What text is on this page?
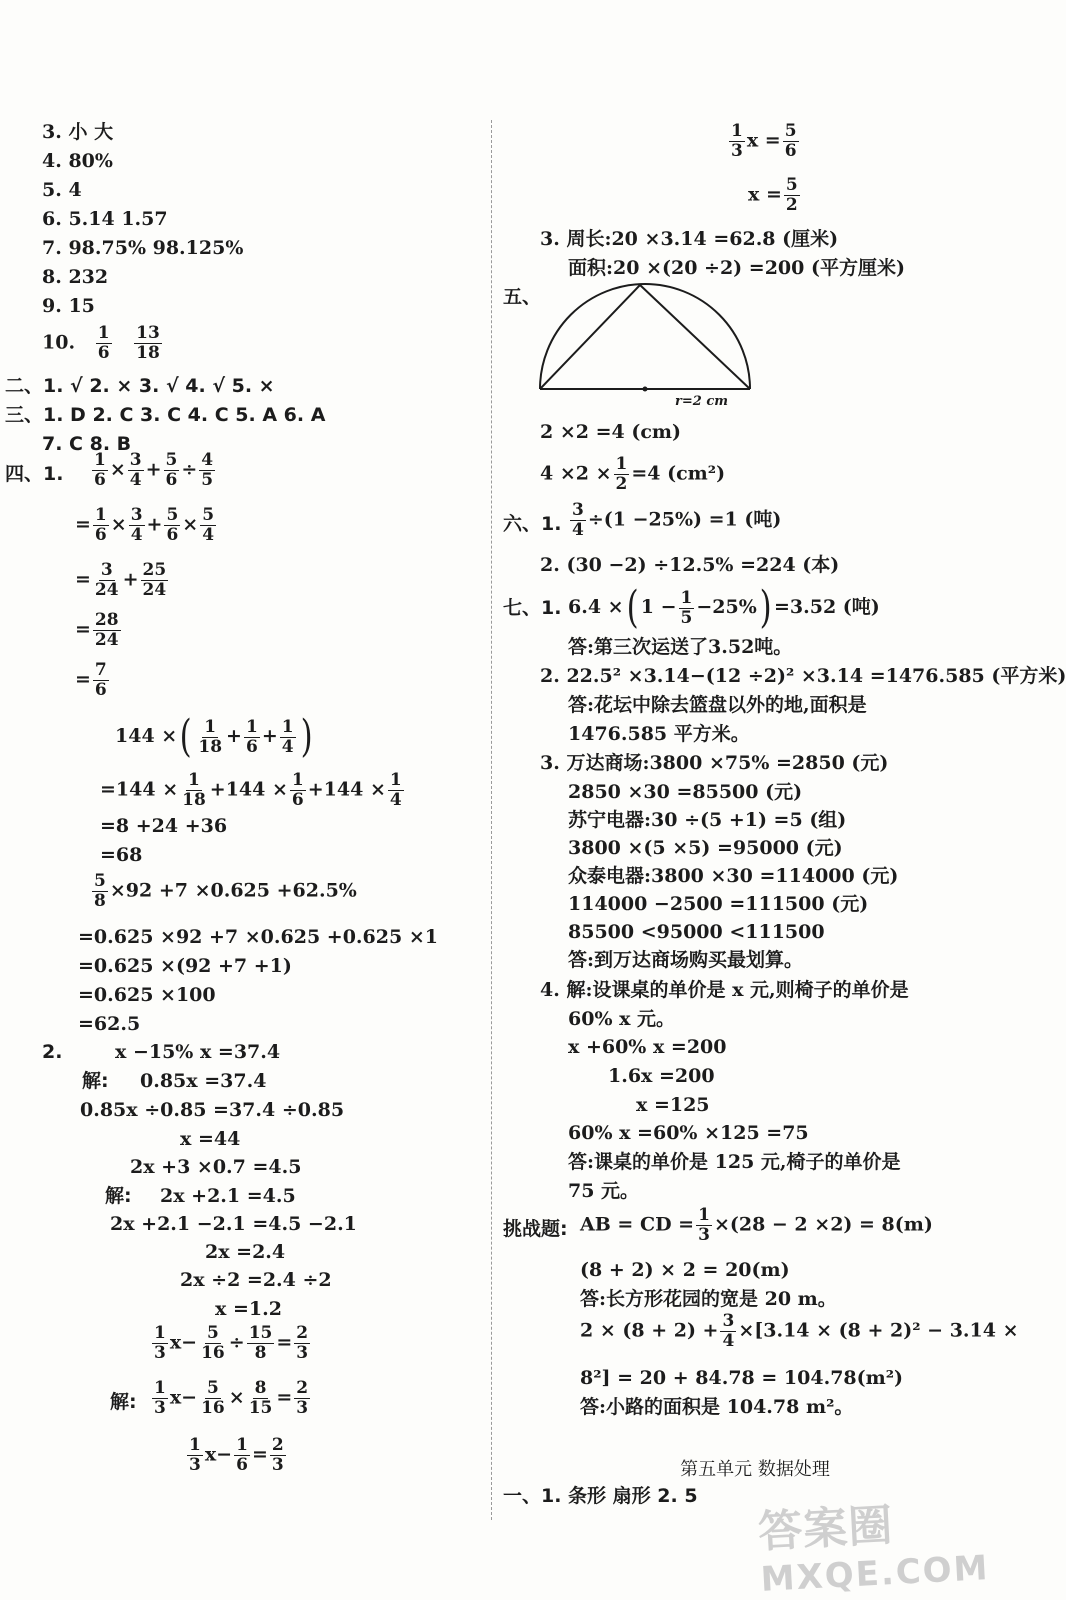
3. 小 大
4. 80%
5. 4
6. 5.14 1.57
7. 98.75% 98.125%
8. 232
9. 15
10. $\frac{1}{6}$
$\frac{13}{18}$
二、1. √ 2. × 3. √ 4. √ 5. ×
三、1. D 2. C 3. C 4. C 5. A 6. A
7. C 8. B
四、1. $\frac{1}{6} \times \frac{3}{4} + \frac{5}{6} \div \frac{4}{5}$
= $\frac{1}{6} \times \frac{3}{4} + \frac{5}{6} \times \frac{5}{4}$
= $\frac{3}{24} + \frac{25}{24}$
= $\frac{28}{24}$
= $\frac{7}{6}$
144 ×( $\frac{1}{18} + \frac{1}{6} + \frac{1}{4}$ )
$=144 \times \frac{1}{18} +144 \times \frac{1}{6} +144 \times \frac{1}{4}$
=8 +24 +36
=68
$\frac{5}{8} \times 92 +7 \times 0.625 +62.5\%$
=0.625 ×92 +7 ×0.625 +0.625 ×1
=0.625 ×(92 +7 +1)
=0.625 ×100
=62.5
2.	x −15% x =37.4
解: 0.85x =37.4
0.85x ÷0.85 =37.4 ÷0.85
x =44
2x +3 ×0.7 =4.5
解: 2x +2.1 =4.5
2x +2.1 −2.1 =4.5 −2.1
2x =2.4
2x ÷2 =2.4 ÷2
x =1.2
$\frac{1}{3} x- \frac{5}{16} \div \frac{15}{8} = \frac{2}{3}$
解: $\frac{1}{3} x- \frac{5}{16} \times \frac{8}{15} = \frac{2}{3}$
$\frac{1}{3} x- \frac{1}{6} = \frac{2}{3}$
$\frac{1}{3}$ $x = \frac{5}{6}$
$x = \frac{5}{2}$
3. 周长:20 ×3.14 =62.8 (厘米)
面积:20 ×(20 ÷2) =200 (平方厘米)
五、
r=2 cm
2 ×2 =4 (cm)
$4 \times 2 \times \frac{1}{2} =4$ (cm²)
六、1. $\frac{3}{4} \div(1 -25\%) =1$ (吨)
2. (30 −2) ÷12.5% =224 (本)
七、1. 6.4 ×( $1 - \frac{1}{5} -25\%) =3.52$ (吨)
答:第三次运送了3.52吨。
2. 22.5² ×3.14−(12 ÷2)² ×3.14 =1476.585 (平方米)
答:花坛中除去篮盘以外的地,面积是
1476.585 平方米。
3. 万达商场:3800 ×75% =2850 (元)
2850 ×30 =85500 (元)
苏宁电器:30 ÷(5 +1) =5 (组)
3800 ×(5 ×5) =95000 (元)
众泰电器:3800 ×30 =114000 (元)
114000 −2500 =111500 (元)
85500 <95000 <111500
答:到万达商场购买最划算。
4. 解:设课桌的单价是 x 元,则椅子的单价是
60% x 元。
x +60% x =200
1.6x =200
x =125
60% x =60% ×125 =75
答:课桌的单价是 125 元,椅子的单价是
75 元。
挑战题: AB = CD = $\frac{1}{3} \times(28 - 2 \times 2) = 8(m)$
(8 + 2) × 2 = 20(m)
答:长方形花园的宽是 20 m。
$2 \times (8 + 2) + \frac{3}{4} \times[3.14 \times (8 + 2)^2 - 3.14$ ×
8²] = 20 + 84.78 = 104.78(m²)
答:小路的面积是 104.78 m²。
第五单元 数据处理
一、1. 条形 扇形 2. 5
答案圈
MXQE.COM
